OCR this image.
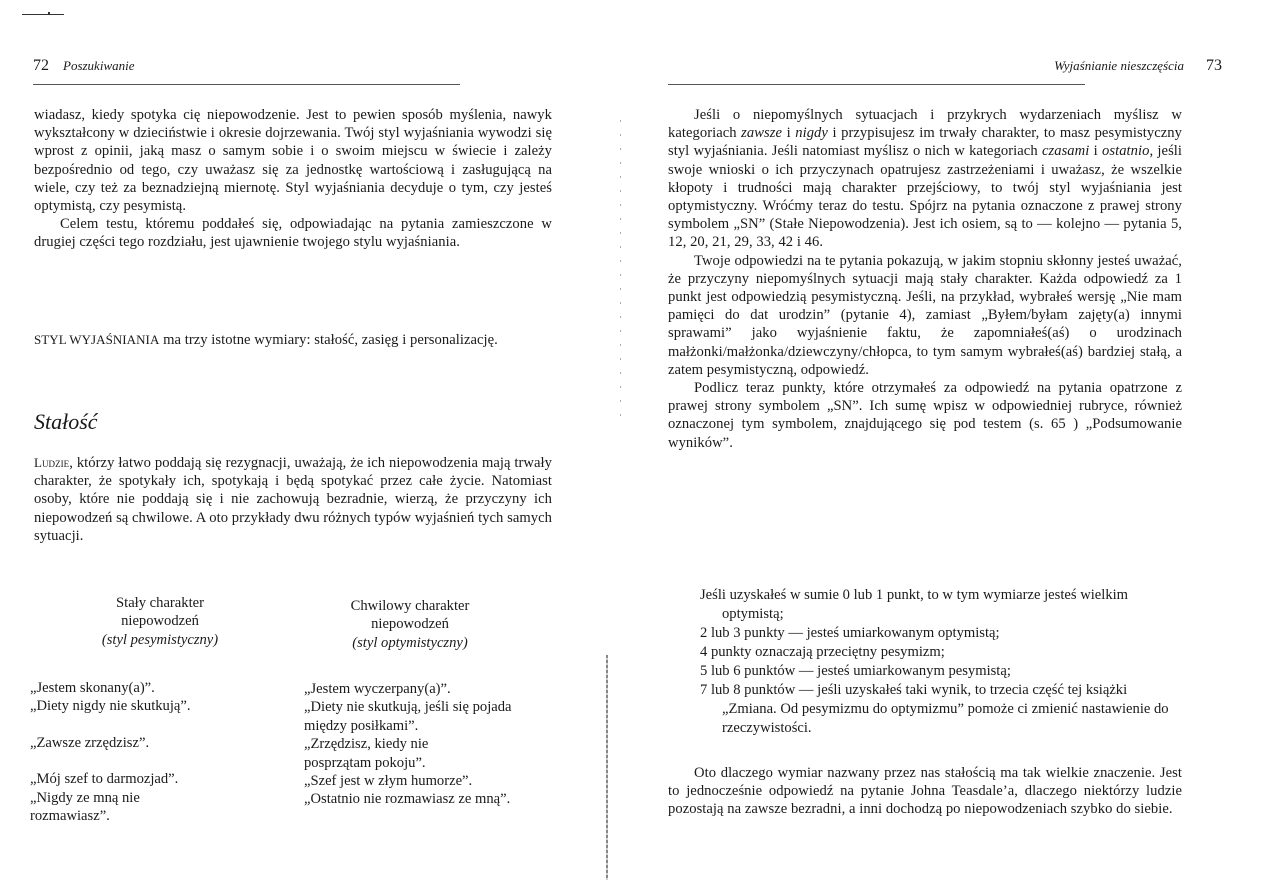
72 Poszukiwanie

wiadasz, kiedy spotyka cię niepowodzenie. Jest to pewien sposób myślenia, nawyk wykształcony w dzieciństwie i okresie dojrzewania. Twój styl wyjaśniania wywodzi się wprost z opinii, jaką masz o samym sobie i o swoim miejscu w świecie i zależy bezpośrednio od tego, czy uważasz się za jednostkę wartościową i zasługującą na wiele, czy też za beznadziejną miernotę. Styl wyjaśniania decyduje o tym, czy jesteś optymistą, czy pesymistą.

Celem testu, któremu poddałeś się, odpowiadając na pytania zamieszczone w drugiej części tego rozdziału, jest ujawnienie twojego stylu wyjaśniania.

STYL WYJAŚNIANIA ma trzy istotne wymiary: stałość, zasięg i personalizację.

Stałość

Ludzie, którzy łatwo poddają się rezygnacji, uważają, że ich niepowodzenia mają trwały charakter, że spotykały ich, spotykają i będą spotykać przez całe życie. Natomiast osoby, które nie poddają się i nie zachowują bezradnie, wierzą, że przyczyny ich niepowodzeń są chwilowe. A oto przykłady dwu różnych typów wyjaśnień tych samych sytuacji.

Stały charakter
niepowodzeń
(styl pesymistyczny)
Chwilowy charakter
niepowodzeń
(styl optymistyczny)

„Jestem skonany(a)”.

„Diety nigdy nie skutkują”.

„Zawsze zrzędzisz”.

„Mój szef to darmozjad”.

„Nigdy ze mną nie rozmawiasz”.

„Jestem wyczerpany(a)”.

„Diety nie skutkują, jeśli się pojada między posiłkami”.

„Zrzędzisz, kiedy nie posprzątam pokoju”.

„Szef jest w złym humorze”.

„Ostatnio nie rozmawiasz ze mną”.

Wyjaśnianie nieszczęścia 73

Jeśli o niepomyślnych sytuacjach i przykrych wydarzeniach myślisz w kategoriach zawsze i nigdy i przypisujesz im trwały charakter, to masz pesymistyczny styl wyjaśniania. Jeśli natomiast myślisz o nich w kategoriach czasami i ostatnio, jeśli swoje wnioski o ich przyczynach opatrujesz zastrzeżeniami i uważasz, że wszelkie kłopoty i trudności mają charakter przejściowy, to twój styl wyjaśniania jest optymistyczny. Wróćmy teraz do testu. Spójrz na pytania oznaczone z prawej strony symbolem „SN” (Stałe Niepowodzenia). Jest ich osiem, są to — kolejno — pytania 5, 12, 20, 21, 29, 33, 42 i 46.

Twoje odpowiedzi na te pytania pokazują, w jakim stopniu skłonny jesteś uważać, że przyczyny niepomyślnych sytuacji mają stały charakter. Każda odpowiedź za 1 punkt jest odpowiedzią pesymistyczną. Jeśli, na przykład, wybrałeś wersję „Nie mam pamięci do dat urodzin” (pytanie 4), zamiast „Byłem/byłam zajęty(a) innymi sprawami” jako wyjaśnienie faktu, że zapomniałeś(aś) o urodzinach małżonki/małżonka/dziewczyny/chłopca, to tym samym wybrałeś(aś) bardziej stałą, a zatem pesymistyczną, odpowiedź.

Podlicz teraz punkty, które otrzymałeś za odpowiedź na pytania opatrzone z prawej strony symbolem „SN”. Ich sumę wpisz w odpowiedniej rubryce, również oznaczonej tym symbolem, znajdującego się pod testem (s. 65 ) „Podsumowanie wyników”.

Jeśli uzyskałeś w sumie 0 lub 1 punkt, to w tym wymiarze jesteś wielkim optymistą;
2 lub 3 punkty — jesteś umiarkowanym optymistą;
4 punkty oznaczają przeciętny pesymizm;
5 lub 6 punktów — jesteś umiarkowanym pesymistą;
7 lub 8 punktów — jeśli uzyskałeś taki wynik, to trzecia część tej książki „Zmiana. Od pesymizmu do optymizmu” pomoże ci zmienić nastawienie do rzeczywistości.

Oto dlaczego wymiar nazwany przez nas stałością ma tak wielkie znaczenie. Jest to jednocześnie odpowiedź na pytanie Johna Teasdale’a, dlaczego niektórzy ludzie pozostają na zawsze bezradni, a inni dochodzą po niepowodzeniach szybko do siebie.
